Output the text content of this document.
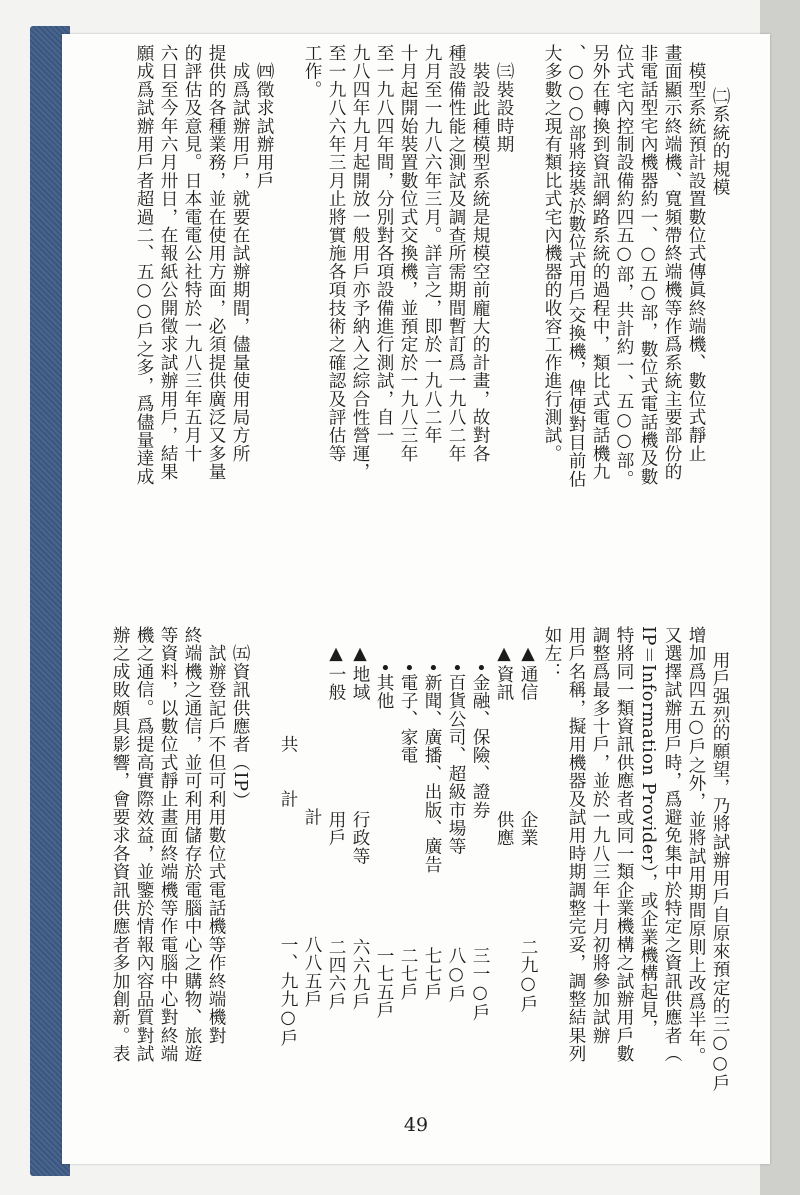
　㈡系統的規模
　模型系統預計設置數位式傳眞終端機、數位式靜止
畫面顯示終端機、寬頻帶終端機等作爲系統主要部份的
非電話型宅內機器約一、○五○部，數位式電話機及數
位式宅內控制設備約四五○部，共計約一、五○○部。
另外在轉換到資訊網路系統的過程中，類比式電話機九
、○○○部將接裝於數位式用戶交換機，俾便對目前佔
大多數之現有類比式宅內機器的收容工作進行測試。

　㈢裝設時期
　裝設此種模型系統是規模空前龐大的計畫，故對各
種設備性能之測試及調查所需期間暫訂爲一九八二年
九月至一九八六年三月。詳言之，即於一九八二年
十月起開始裝置數位式交換機，並預定於一九八三年
至一九八四年間，分別對各項設備進行測試，自一
九八四年九月起開放一般用戶亦予納入之綜合性營運，
至一九八六年三月止將實施各項技術之確認及評估等
工作。

　㈣徵求試辦用戶
　成爲試辦用戶，就要在試辦期間，儘量使用局方所
提供的各種業務，並在使用方面，必須提供廣泛又多量
的評估及意見。日本電電公社特於一九八三年五月十
六日至今年六月卅日，在報紙公開徵求試辦用戶，結果
願成爲試辦用戶者超過二、五○○戶之多，爲儘量達成

用戶强烈的願望，乃將試辦用戶自原來預定的三○○戶
增加爲四五○戶之外，並將試用期間原則上改爲半年。
又選擇試辦用戶時，爲避免集中於特定之資訊供應者（
IP＝Information Provider），或企業機構起見，
特將同一類資訊供應者或同一類企業機構之試辦用戶數
調整爲最多十戶，並於一九八三年十月初將參加試辦
用戶名稱，擬用機器及試用時期調整完妥，調整結果列
如左：
　▲通信　　　　　　企業　　　　　二九○戶
　▲資訊　　　　　　供應
　　•金融、保險、證券　　　　　　　三一○戶
　　•百貨公司、超級市場等　　　　　八○戶
　　•新聞、廣播、出版、廣告　　　　七七戶
　　•電子、家電　　　　　　　　　　二七戶
　　•其他　　　　　　　　　　　　　一七五戶
　▲地域　　　　　　行政等　　　　六六九戶
　▲一般　　　　　　用戶　　　　　二四六戶
　　　　　　　　　　計　　　　　　八八五戶
　　　　　　共　　計　　　　　　　一、九九○戶

　㈤資訊供應者（IP）
　試辦登記戶不但可利用數位式電話機等作終端機對
終端機之通信，並可利用儲存於電腦中心之購物、旅遊
等資料，以數位式靜止畫面終端機等作電腦中心對終端
機之通信。爲提高實際效益，並鑒於情報內容品質對試
辦之成敗頗具影響，會要求各資訊供應者多加創新。表

49
